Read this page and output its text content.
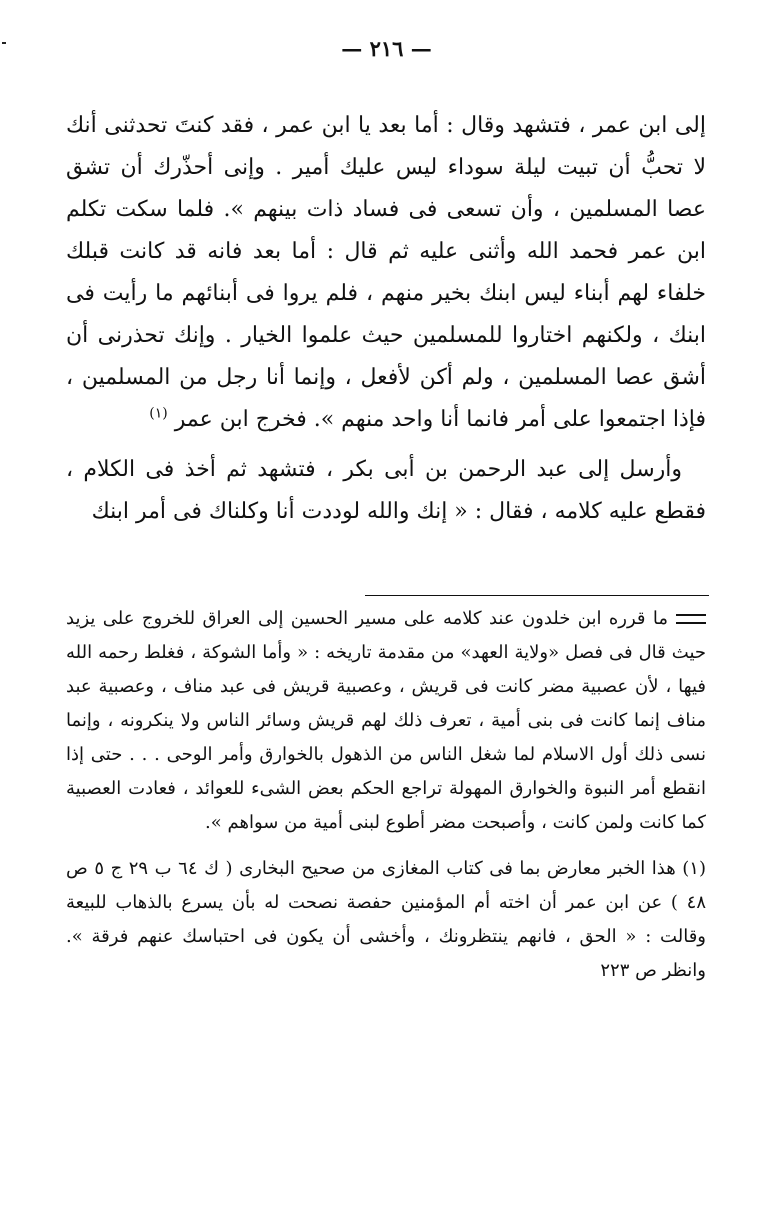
— ٢١٦ —

إلى ابن عمر ، فتشهد وقال : أما بعد يا ابن عمر ، فقد كنتَ تحدثنى أنك لا تحبُّ أن تبيت ليلة سوداء ليس عليك أمير . وإنى أحذّرك أن تشق عصا المسلمين ، وأن تسعى فى فساد ذات بينهم ». فلما سكت تكلم ابن عمر فحمد الله وأثنى عليه ثم قال : أما بعد فانه قد كانت قبلك خلفاء لهم أبناء ليس ابنك بخير منهم ، فلم يروا فى أبنائهم ما رأيت فى ابنك ، ولكنهم اختاروا للمسلمين حيث علموا الخيار . وإنك تحذرنى أن أشق عصا المسلمين ، ولم أكن لأفعل ، وإنما أنا رجل من المسلمين ، فإذا اجتمعوا على أمر فانما أنا واحد منهم ». فخرج ابن عمر $^{(١)}$

وأرسل إلى عبد الرحمن بن أبى بكر ، فتشهد ثم أخذ فى الكلام ، فقطع عليه كلامه ، فقال : « إنك والله لوددت أنا وكلناك فى أمر ابنك

ما قرره ابن خلدون عند كلامه على مسير الحسين إلى العراق للخروج على يزيد حيث قال فى فصل «ولاية العهد» من مقدمة تاريخه : « وأما الشوكة ، فغلط رحمه الله فيها ، لأن عصبية مضر كانت فى قريش ، وعصبية قريش فى عبد مناف ، وعصبية عبد مناف إنما كانت فى بنى أمية ، تعرف ذلك لهم قريش وسائر الناس ولا ينكرونه ، وإنما نسى ذلك أول الاسلام لما شغل الناس من الذهول بالخوارق وأمر الوحى . . . حتى إذا انقطع أمر النبوة والخوارق المهولة تراجع الحكم بعض الشىء للعوائد ، فعادت العصبية كما كانت ولمن كانت ، وأصبحت مضر أطوع لبنى أمية من سواهم ».

(١) هذا الخبر معارض بما فى كتاب المغازى من صحيح البخارى ( ك ٦٤ ب ٢٩ ج ٥ ص ٤٨ ) عن ابن عمر أن اخته أم المؤمنين حفصة نصحت له بأن يسرع بالذهاب للبيعة وقالت : « الحق ، فانهم ينتظرونك ، وأخشى أن يكون فى احتباسك عنهم فرقة ». وانظر ص ٢٢٣
